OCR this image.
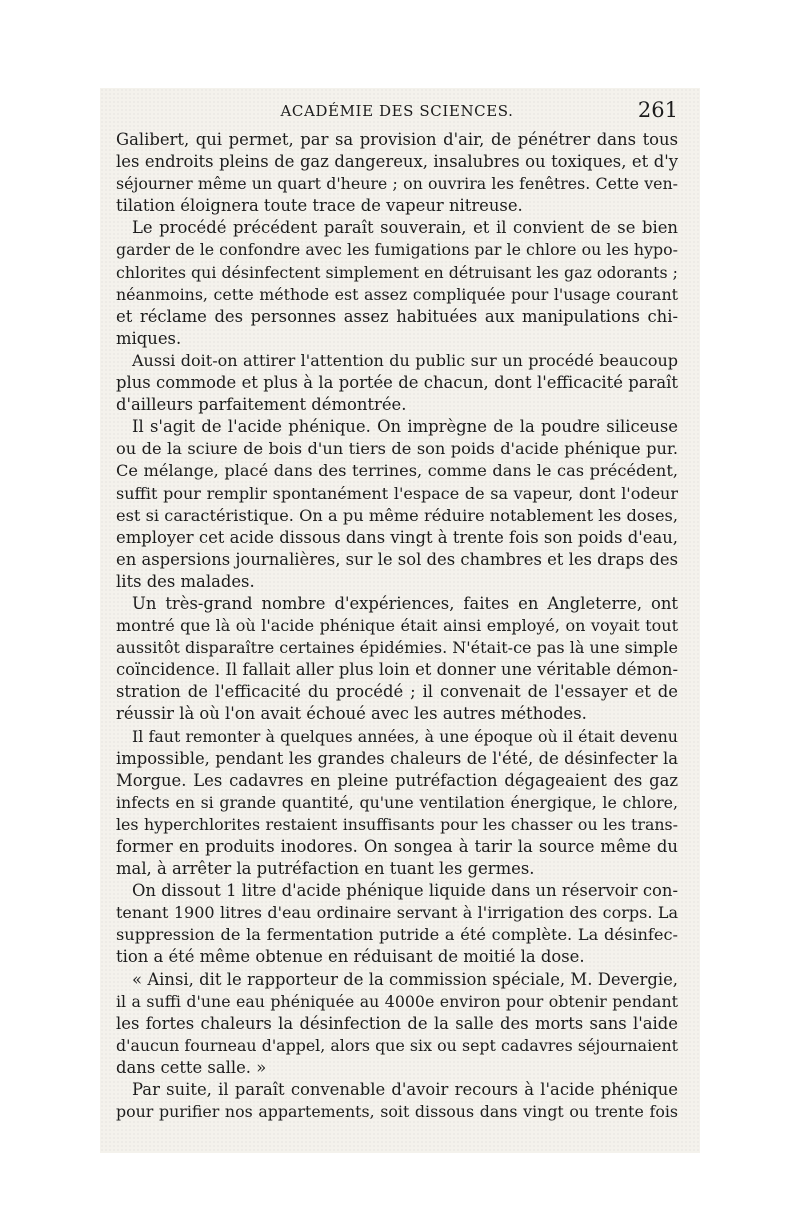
ACADÉMIE DES SCIENCES.	261
Galibert, qui permet, par sa provision d'air, de pénétrer dans tous
les endroits pleins de gaz dangereux, insalubres ou toxiques, et d'y
séjourner même un quart d'heure ; on ouvrira les fenêtres. Cette ven-
tilation éloignera toute trace de vapeur nitreuse.
Le procédé précédent paraît souverain, et il convient de se bien
garder de le confondre avec les fumigations par le chlore ou les hypo-
chlorites qui désinfectent simplement en détruisant les gaz odorants ;
néanmoins, cette méthode est assez compliquée pour l'usage courant
et réclame des personnes assez habituées aux manipulations chi-
miques.
Aussi doit-on attirer l'attention du public sur un procédé beaucoup
plus commode et plus à la portée de chacun, dont l'efficacité paraît
d'ailleurs parfaitement démontrée.
Il s'agit de l'acide phénique. On imprègne de la poudre siliceuse
ou de la sciure de bois d'un tiers de son poids d'acide phénique pur.
Ce mélange, placé dans des terrines, comme dans le cas précédent,
suffit pour remplir spontanément l'espace de sa vapeur, dont l'odeur
est si caractéristique. On a pu même réduire notablement les doses,
employer cet acide dissous dans vingt à trente fois son poids d'eau,
en aspersions journalières, sur le sol des chambres et les draps des
lits des malades.
Un très-grand nombre d'expériences, faites en Angleterre, ont
montré que là où l'acide phénique était ainsi employé, on voyait tout
aussitôt disparaître certaines épidémies. N'était-ce pas là une simple
coïncidence. Il fallait aller plus loin et donner une véritable démon-
stration de l'efficacité du procédé ; il convenait de l'essayer et de
réussir là où l'on avait échoué avec les autres méthodes.
Il faut remonter à quelques années, à une époque où il était devenu
impossible, pendant les grandes chaleurs de l'été, de désinfecter la
Morgue. Les cadavres en pleine putréfaction dégageaient des gaz
infects en si grande quantité, qu'une ventilation énergique, le chlore,
les hyperchlorites restaient insuffisants pour les chasser ou les trans-
former en produits inodores. On songea à tarir la source même du
mal, à arrêter la putréfaction en tuant les germes.
On dissout 1 litre d'acide phénique liquide dans un réservoir con-
tenant 1900 litres d'eau ordinaire servant à l'irrigation des corps. La
suppression de la fermentation putride a été complète. La désinfec-
tion a été même obtenue en réduisant de moitié la dose.
« Ainsi, dit le rapporteur de la commission spéciale, M. Devergie,
il a suffi d'une eau phéniquée au 4000e environ pour obtenir pendant
les fortes chaleurs la désinfection de la salle des morts sans l'aide
d'aucun fourneau d'appel, alors que six ou sept cadavres séjournaient
dans cette salle. »
Par suite, il paraît convenable d'avoir recours à l'acide phénique
pour purifier nos appartements, soit dissous dans vingt ou trente fois
